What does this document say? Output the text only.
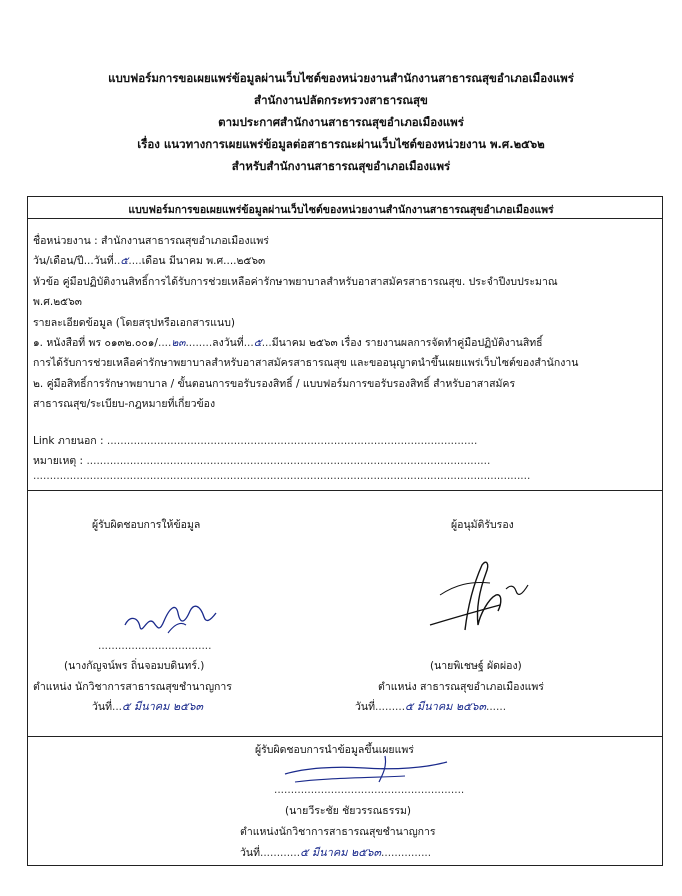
แบบฟอร์มการขอเผยแพร่ข้อมูลผ่านเว็บไซต์ของหน่วยงานสำนักงานสาธารณสุขอำเภอเมืองแพร่
สำนักงานปลัดกระทรวงสาธารณสุข
ตามประกาศสำนักงานสาธารณสุขอำเภอเมืองแพร่
เรื่อง แนวทางการเผยแพร่ข้อมูลต่อสาธารณะผ่านเว็บไซต์ของหน่วยงาน พ.ศ.๒๕๖๒
สำหรับสำนักงานสาธารณสุขอำเภอเมืองแพร่
แบบฟอร์มการขอเผยแพร่ข้อมูลผ่านเว็บไซต์ของหน่วยงานสำนักงานสาธารณสุขอำเภอเมืองแพร่
ชื่อหน่วยงาน : สำนักงานสาธารณสุขอำเภอเมืองแพร่
วัน/เดือน/ปี...วันที่..๕....เดือน มีนาคม พ.ศ....๒๕๖๓
หัวข้อ คู่มือปฏิบัติงานสิทธิ์การได้รับการช่วยเหลือค่ารักษาพยาบาลสำหรับอาสาสมัครสาธารณสุข. ประจำปีงบประมาณ
พ.ศ.๒๕๖๓
รายละเอียดข้อมูล (โดยสรุปหรือเอกสารแนบ)
๑. หนังสือที่ พร ๐๑๓๒.๐๐๑/....๒๓........ลงวันที่...๕...มีนาคม ๒๕๖๓ เรื่อง รายงานผลการจัดทำคู่มือปฏิบัติงานสิทธิ์
การได้รับการช่วยเหลือค่ารักษาพยาบาลสำหรับอาสาสมัครสาธารณสุข และขออนุญาตนำขึ้นเผยแพร่เว็บไซต์ของสำนักงาน
๒. คู่มือสิทธิ์การรักษาพยาบาล / ขั้นตอนการขอรับรองสิทธิ์ / แบบฟอร์มการขอรับรองสิทธิ์ สำหรับอาสาสมัคร
สาธารณสุข/ระเบียบ-กฎหมายที่เกี่ยวข้อง
Link ภายนอก : ...............................................................................................................
หมายเหตุ : .........................................................................................................................
.....................................................................................................................................................
ผู้รับผิดชอบการให้ข้อมูล
..................................
(นางกัญจน์พร ถิ่นจอมบดินทร์.)
ตำแหน่ง นักวิชาการสาธารณสุขชำนาญการ
วันที่...๕ มีนาคม ๒๕๖๓
ผู้อนุมัติรับรอง
(นายพิเชษฐ์ ผัดผ่อง)
ตำแหน่ง สาธารณสุขอำเภอเมืองแพร่
วันที่.........๕ มีนาคม ๒๕๖๓......
ผู้รับผิดชอบการนำข้อมูลขึ้นเผยแพร่
.........................................................
(นายวีระชัย ชัยวรรณธรรม)
ตำแหน่งนักวิชาการสาธารณสุขชำนาญการ
วันที่............๕ มีนาคม ๒๕๖๓...............
